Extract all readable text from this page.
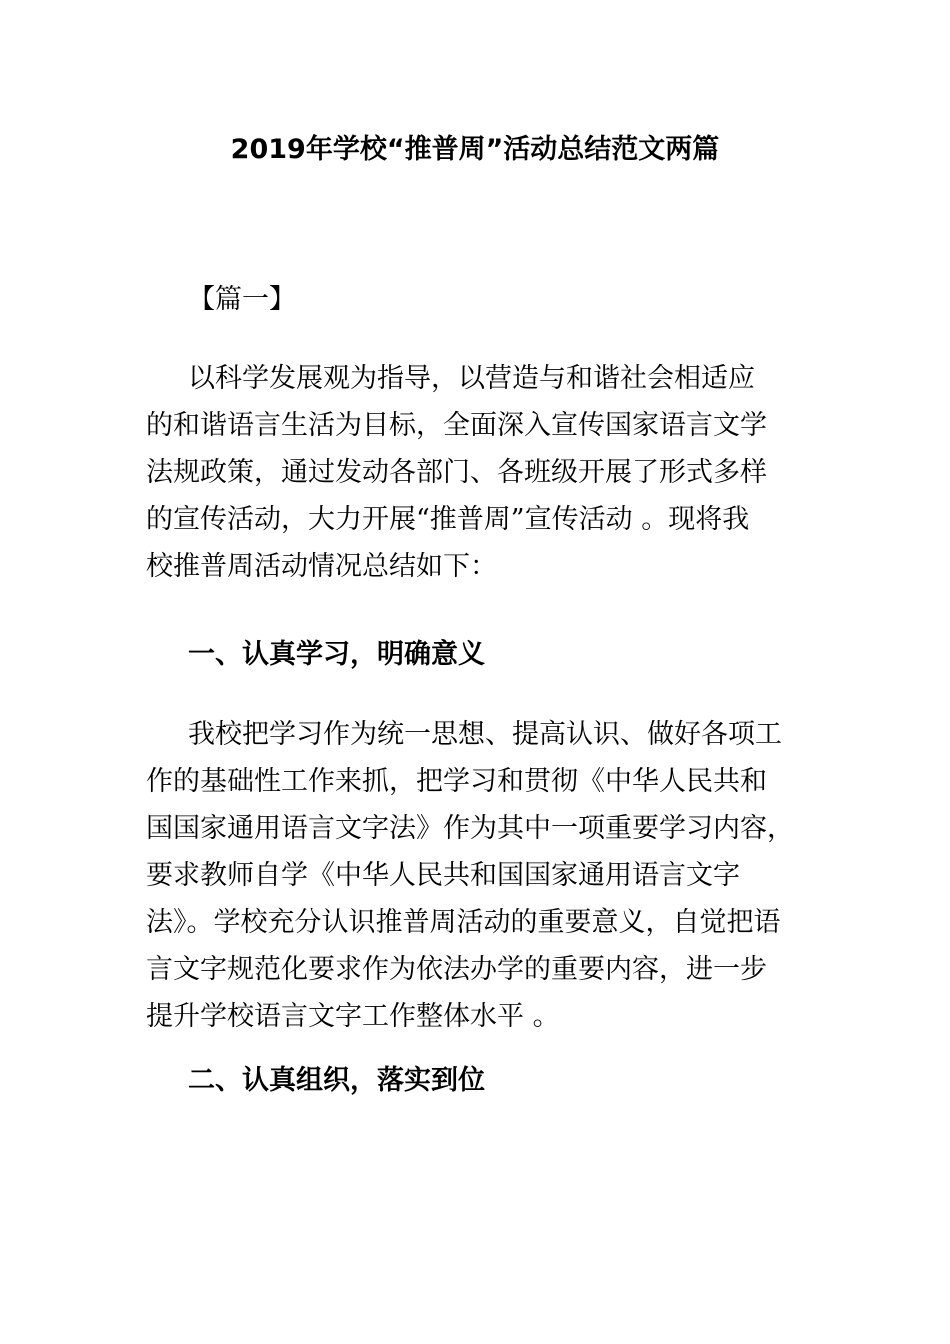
2019年学校“推普周”活动总结范文两篇
【篇一】
以科学发展观为指导，以营造与和谐社会相适应
的和谐语言生活为目标，全面深入宣传国家语言文学
法规政策，通过发动各部门、各班级开展了形式多样
的宣传活动，大力开展“推普周”宣传活动 。现将我
校推普周活动情况总结如下：
一、认真学习，明确意义
我校把学习作为统一思想、提高认识、做好各项工
作的基础性工作来抓，把学习和贯彻《中华人民共和
国国家通用语言文字法》作为其中一项重要学习内容，
要求教师自学《中华人民共和国国家通用语言文字
法》。学校充分认识推普周活动的重要意义，自觉把语
言文字规范化要求作为依法办学的重要内容，进一步
提升学校语言文字工作整体水平 。
二、认真组织，落实到位
